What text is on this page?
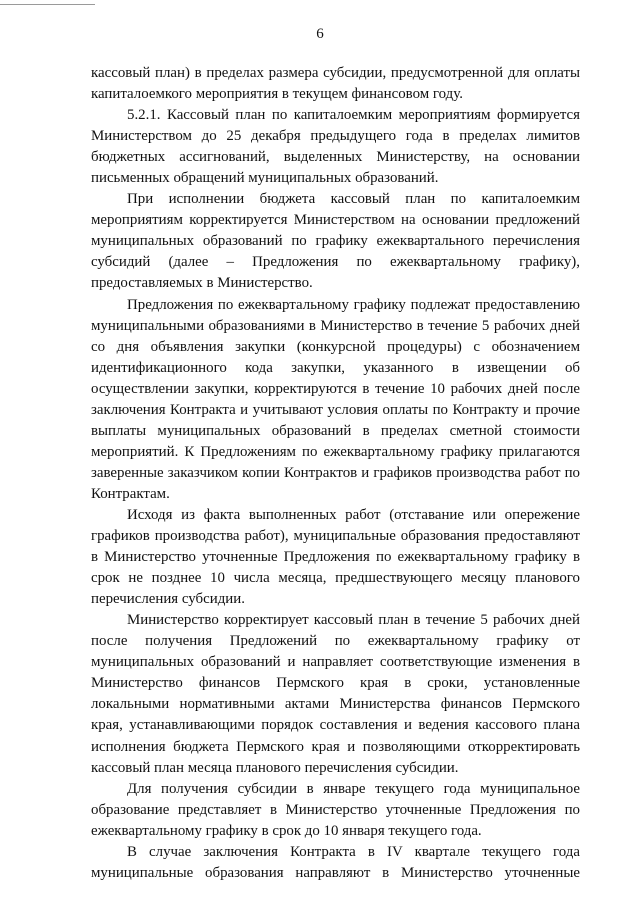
6

кассовый план) в пределах размера субсидии, предусмотренной для оплаты капиталоемкого мероприятия в текущем финансовом году.

5.2.1. Кассовый план по капиталоемким мероприятиям формируется Министерством до 25 декабря предыдущего года в пределах лимитов бюджетных ассигнований, выделенных Министерству, на основании письменных обращений муниципальных образований.

При исполнении бюджета кассовый план по капиталоемким мероприятиям корректируется Министерством на основании предложений муниципальных образований по графику ежеквартального перечисления субсидий (далее – Предложения по ежеквартальному графику), предоставляемых в Министерство.

Предложения по ежеквартальному графику подлежат предоставлению муниципальными образованиями в Министерство в течение 5 рабочих дней со дня объявления закупки (конкурсной процедуры) с обозначением идентификационного кода закупки, указанного в извещении об осуществлении закупки, корректируются в течение 10 рабочих дней после заключения Контракта и учитывают условия оплаты по Контракту и прочие выплаты муниципальных образований в пределах сметной стоимости мероприятий. К Предложениям по ежеквартальному графику прилагаются заверенные заказчиком копии Контрактов и графиков производства работ по Контрактам.

Исходя из факта выполненных работ (отставание или опережение графиков производства работ), муниципальные образования предоставляют в Министерство уточненные Предложения по ежеквартальному графику в срок не позднее 10 числа месяца, предшествующего месяцу планового перечисления субсидии.

Министерство корректирует кассовый план в течение 5 рабочих дней после получения Предложений по ежеквартальному графику от муниципальных образований и направляет соответствующие изменения в Министерство финансов Пермского края в сроки, установленные локальными нормативными актами Министерства финансов Пермского края, устанавливающими порядок составления и ведения кассового плана исполнения бюджета Пермского края и позволяющими откорректировать кассовый план месяца планового перечисления субсидии.

Для получения субсидии в январе текущего года муниципальное образование представляет в Министерство уточненные Предложения по ежеквартальному графику в срок до 10 января текущего года.

В случае заключения Контракта в IV квартале текущего года муниципальные образования направляют в Министерство уточненные
